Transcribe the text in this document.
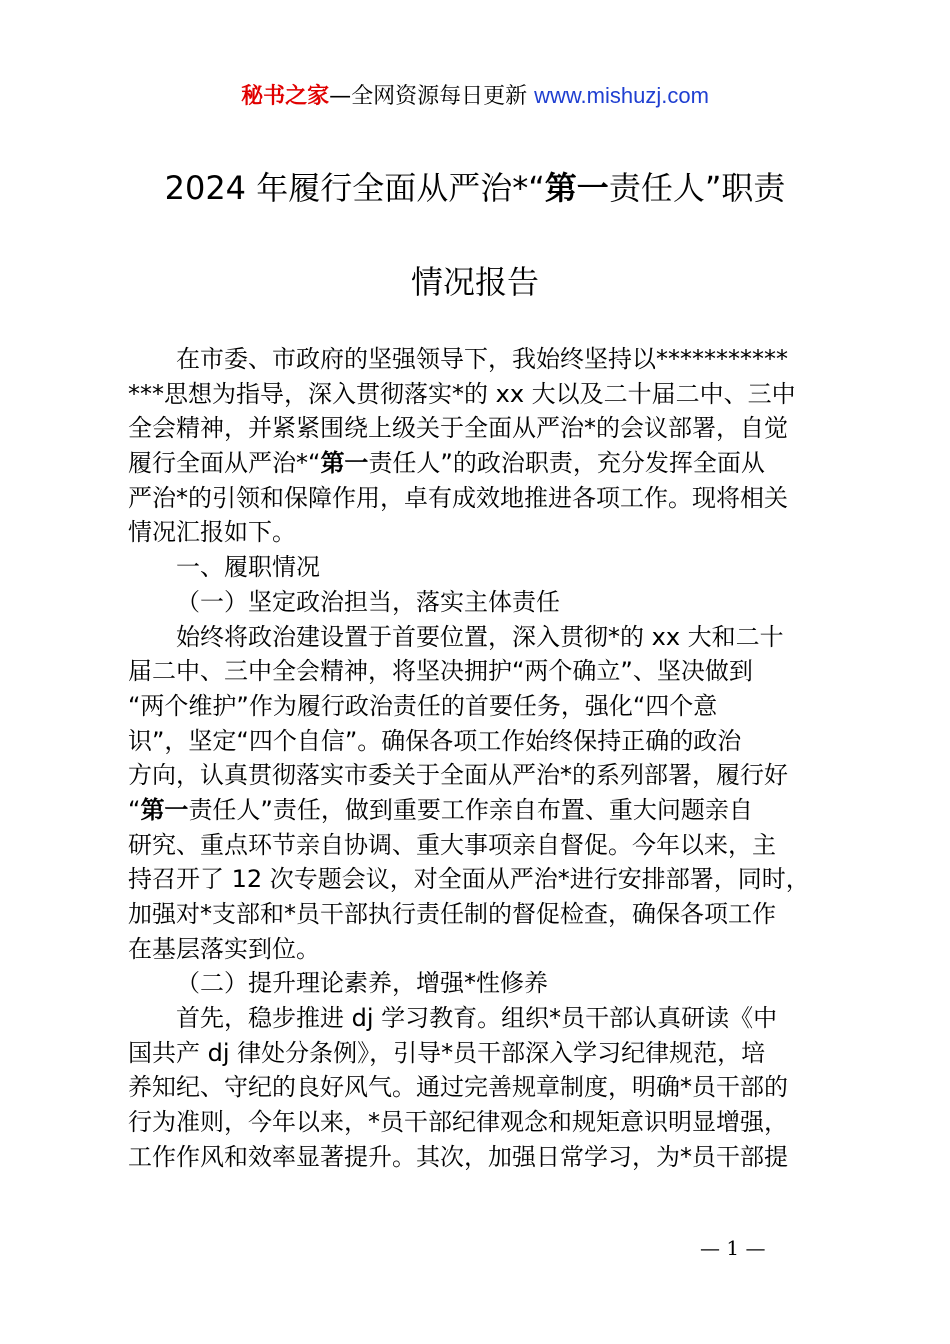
秘书之家—全网资源每日更新 www.mishuzj.com
2024 年履行全面从严治*“第一责任人”职责
情况报告
在市委、市政府的坚强领导下，我始终坚持以***********
***思想为指导，深入贯彻落实*的 xx 大以及二十届二中、三中
全会精神，并紧紧围绕上级关于全面从严治*的会议部署，自觉
履行全面从严治*“第一责任人”的政治职责，充分发挥全面从
严治*的引领和保障作用，卓有成效地推进各项工作。现将相关
情况汇报如下。
一、履职情况
（一）坚定政治担当，落实主体责任
始终将政治建设置于首要位置，深入贯彻*的 xx 大和二十
届二中、三中全会精神，将坚决拥护“两个确立”、坚决做到
“两个维护”作为履行政治责任的首要任务，强化“四个意
识”，坚定“四个自信”。确保各项工作始终保持正确的政治
方向，认真贯彻落实市委关于全面从严治*的系列部署，履行好
“第一责任人”责任，做到重要工作亲自布置、重大问题亲自
研究、重点环节亲自协调、重大事项亲自督促。今年以来，主
持召开了 12 次专题会议，对全面从严治*进行安排部署，同时，
加强对*支部和*员干部执行责任制的督促检查，确保各项工作
在基层落实到位。
（二）提升理论素养，增强*性修养
首先，稳步推进 dj 学习教育。组织*员干部认真研读《中
国共产 dj 律处分条例》，引导*员干部深入学习纪律规范，培
养知纪、守纪的良好风气。通过完善规章制度，明确*员干部的
行为准则，今年以来，*员干部纪律观念和规矩意识明显增强，
工作作风和效率显著提升。其次，加强日常学习，为*员干部提
— 1 —
